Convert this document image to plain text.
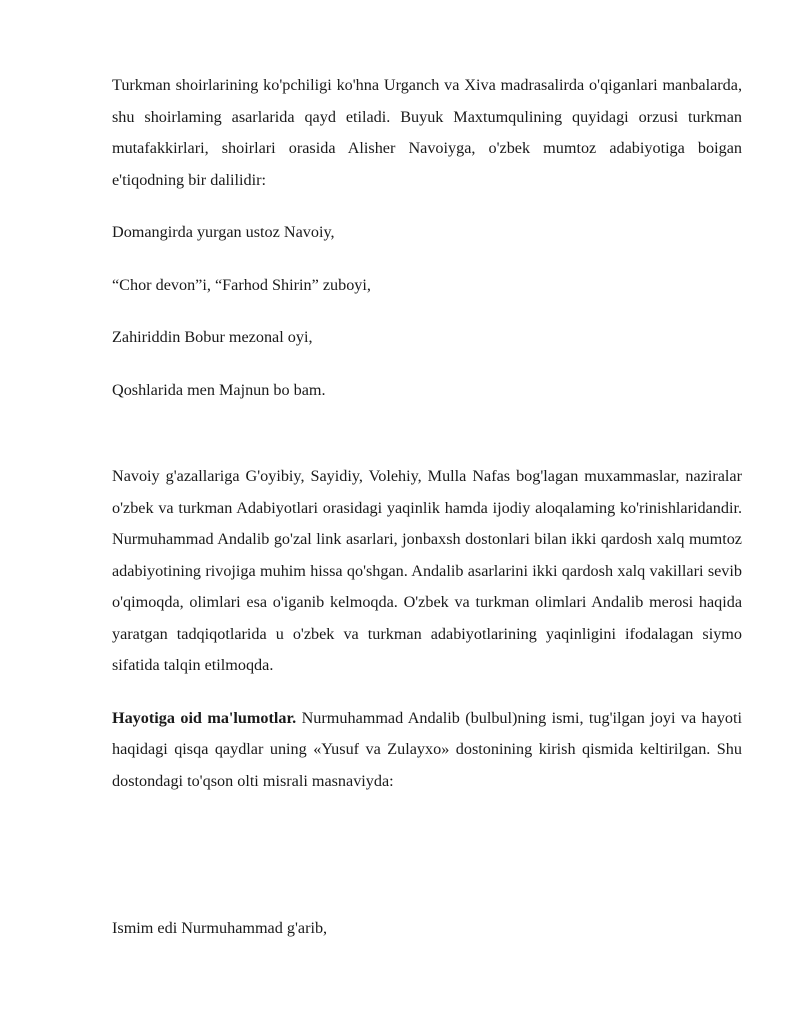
Turkman shoirlarining ko'pchiligi ko'hna Urganch va Xiva madrasalirda o'qiganlari manbalarda, shu shoirlaming asarlarida qayd etiladi. Buyuk Maxtumqulining quyidagi orzusi turkman mutafakkirlari, shoirlari orasida Alisher Navoiyga, o'zbek mumtoz adabiyotiga boigan e'tiqodning bir dalilidir:

Domangirda yurgan ustoz Navoiy,

“Chor devon”i, “Farhod Shirin” zuboyi,

Zahiriddin Bobur mezonal oyi,

Qoshlarida men Majnun bo bam.

Navoiy g'azallariga G'oyibiy, Sayidiy, Volehiy, Mulla Nafas bog'lagan muxammaslar, naziralar o'zbek va turkman Adabiyotlari orasidagi yaqinlik hamda ijodiy aloqalaming ko'rinishlaridandir. Nurmuhammad Andalib go'zal link asarlari, jonbaxsh dostonlari bilan ikki qardosh xalq mumtoz adabiyotining rivojiga muhim hissa qo'shgan. Andalib asarlarini ikki qardosh xalq vakillari sevib o'qimoqda, olimlari esa o'iganib kelmoqda. O'zbek va turkman olimlari Andalib merosi haqida yaratgan tadqiqotlarida u o'zbek va turkman adabiyotlarining yaqinligini ifodalagan siymo sifatida talqin etilmoqda.

Hayotiga oid ma'lumotlar. Nurmuhammad Andalib (bulbul)ning ismi, tug'ilgan joyi va hayoti haqidagi qisqa qaydlar uning «Yusuf va Zulayxo» dostonining kirish qismida keltirilgan. Shu dostondagi to'qson olti misrali masnaviyda:

Ismim edi Nurmuhammad g'arib,
